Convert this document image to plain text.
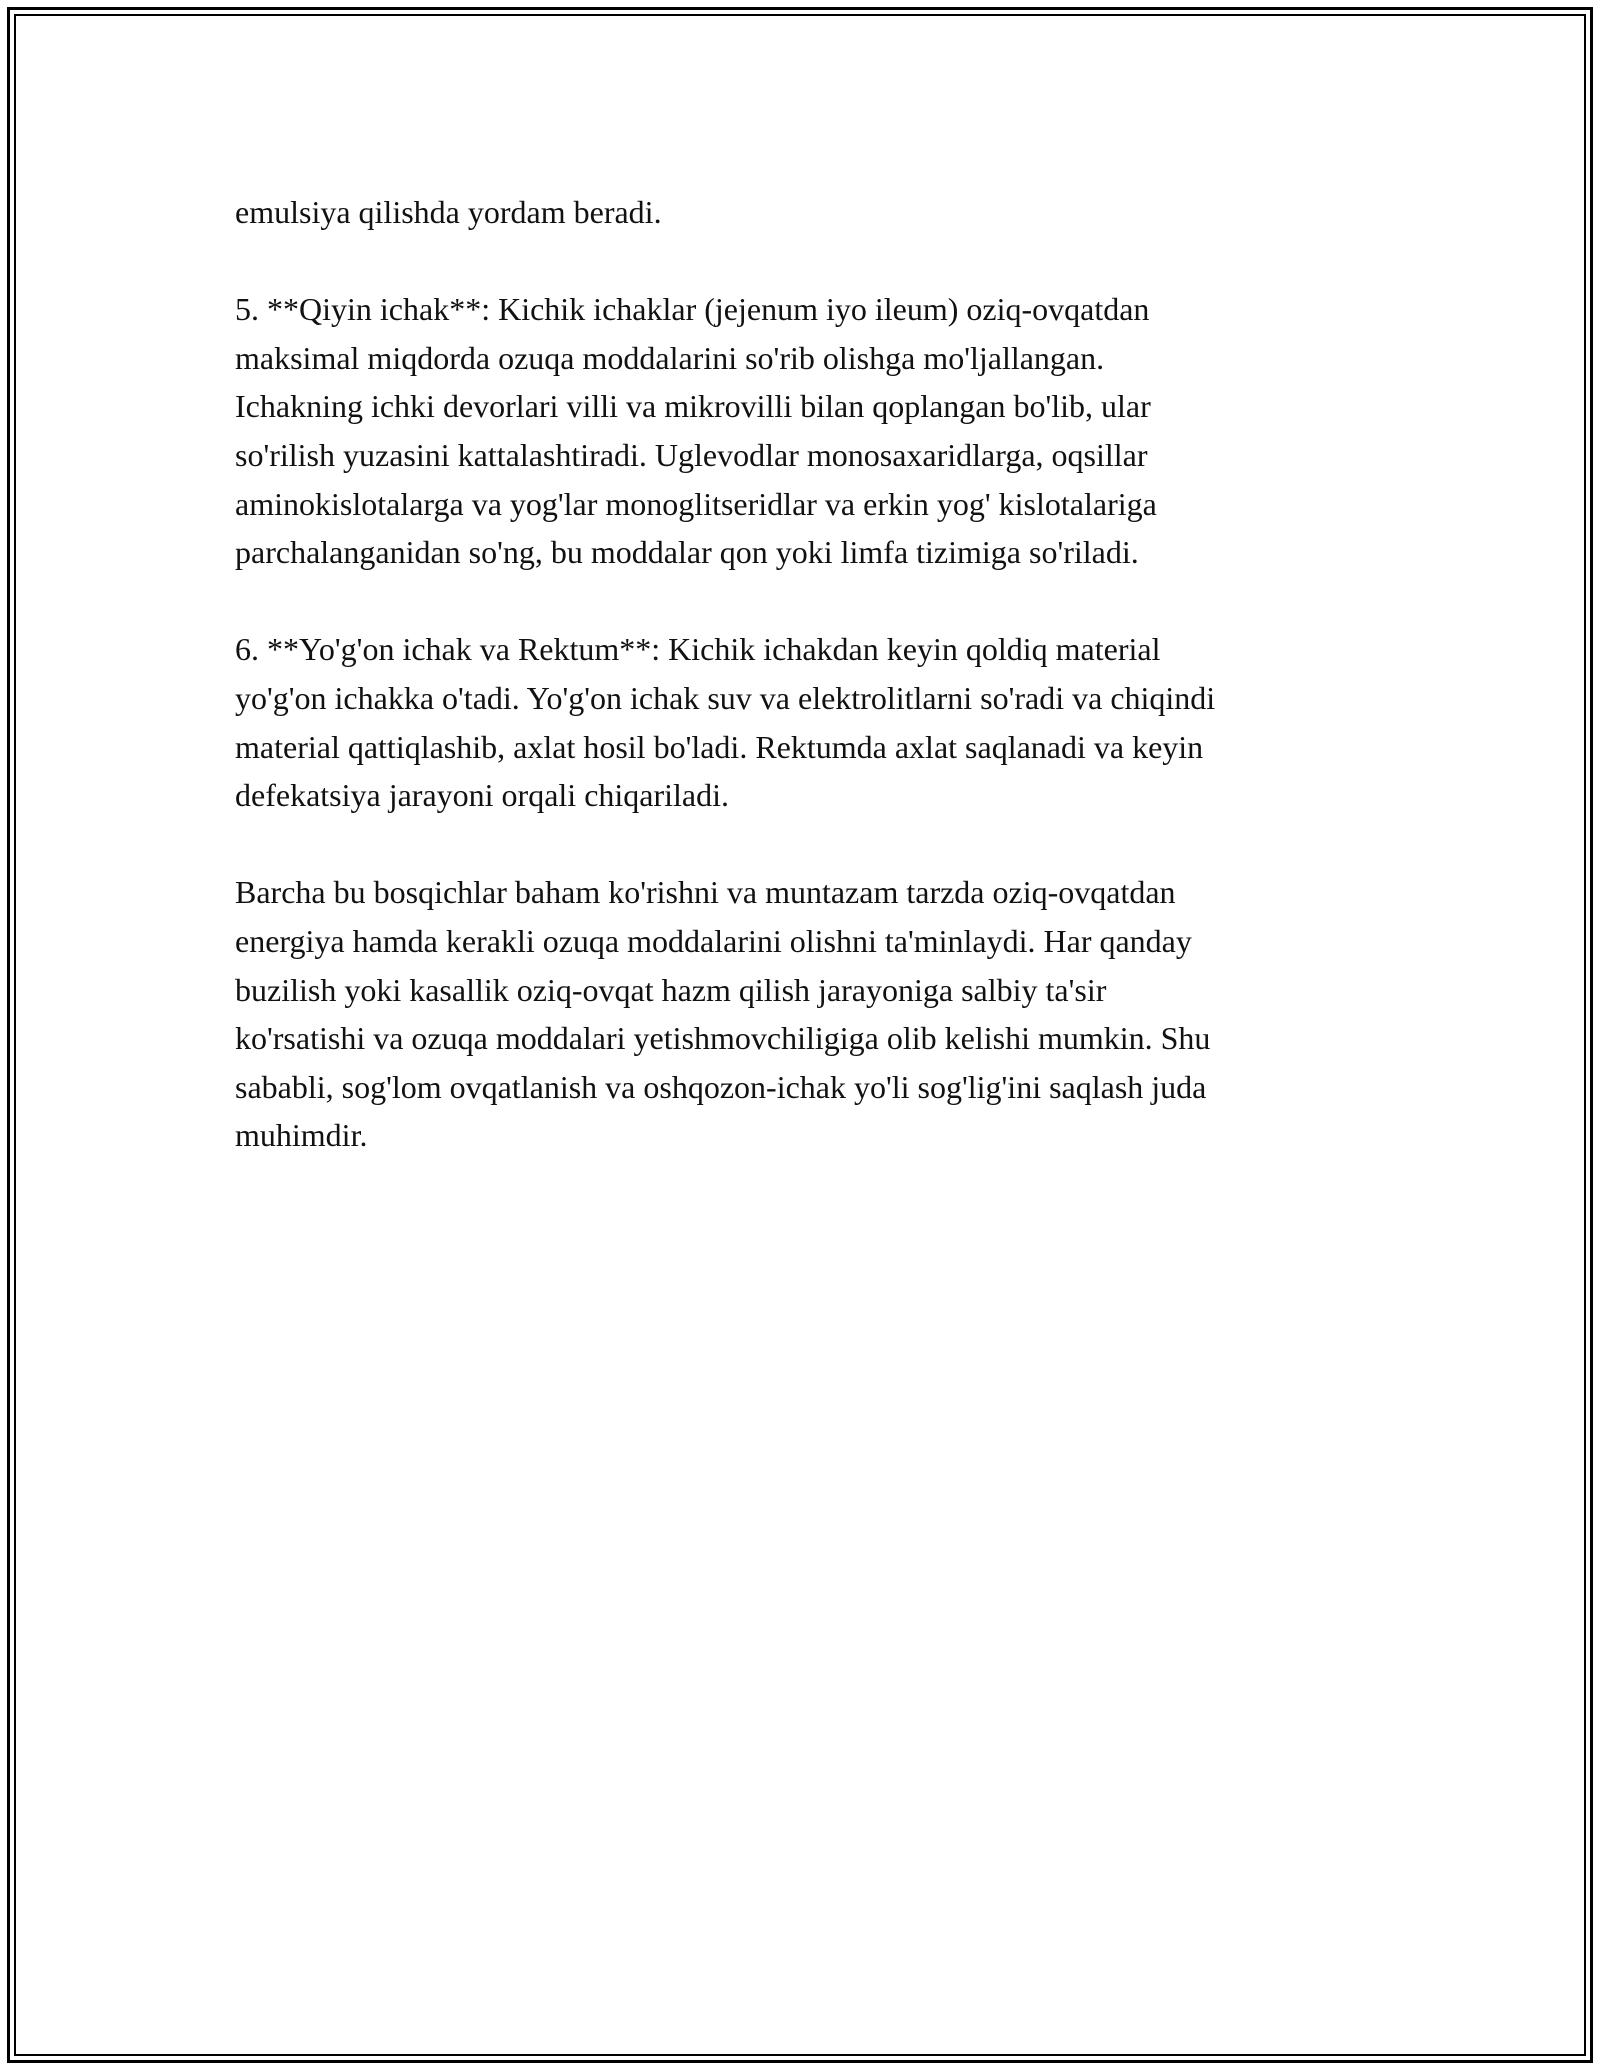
emulsiya qilishda yordam beradi.

5. **Qiyin ichak**: Kichik ichaklar (jejenum iyo ileum) oziq-ovqatdan
maksimal miqdorda ozuqa moddalarini so'rib olishga mo'ljallangan.
Ichakning ichki devorlari villi va mikrovilli bilan qoplangan bo'lib, ular
so'rilish yuzasini kattalashtiradi. Uglevodlar monosaxaridlarga, oqsillar
aminokislotalarga va yog'lar monoglitseridlar va erkin yog' kislotalariga
parchalanganidan so'ng, bu moddalar qon yoki limfa tizimiga so'riladi.

6. **Yo'g'on ichak va Rektum**: Kichik ichakdan keyin qoldiq material
yo'g'on ichakka o'tadi. Yo'g'on ichak suv va elektrolitlarni so'radi va chiqindi
material qattiqlashib, axlat hosil bo'ladi. Rektumda axlat saqlanadi va keyin
defekatsiya jarayoni orqali chiqariladi.

Barcha bu bosqichlar baham ko'rishni va muntazam tarzda oziq-ovqatdan
energiya hamda kerakli ozuqa moddalarini olishni ta'minlaydi. Har qanday
buzilish yoki kasallik oziq-ovqat hazm qilish jarayoniga salbiy ta'sir
ko'rsatishi va ozuqa moddalari yetishmovchiligiga olib kelishi mumkin. Shu
sababli, sog'lom ovqatlanish va oshqozon-ichak yo'li sog'lig'ini saqlash juda
muhimdir.
